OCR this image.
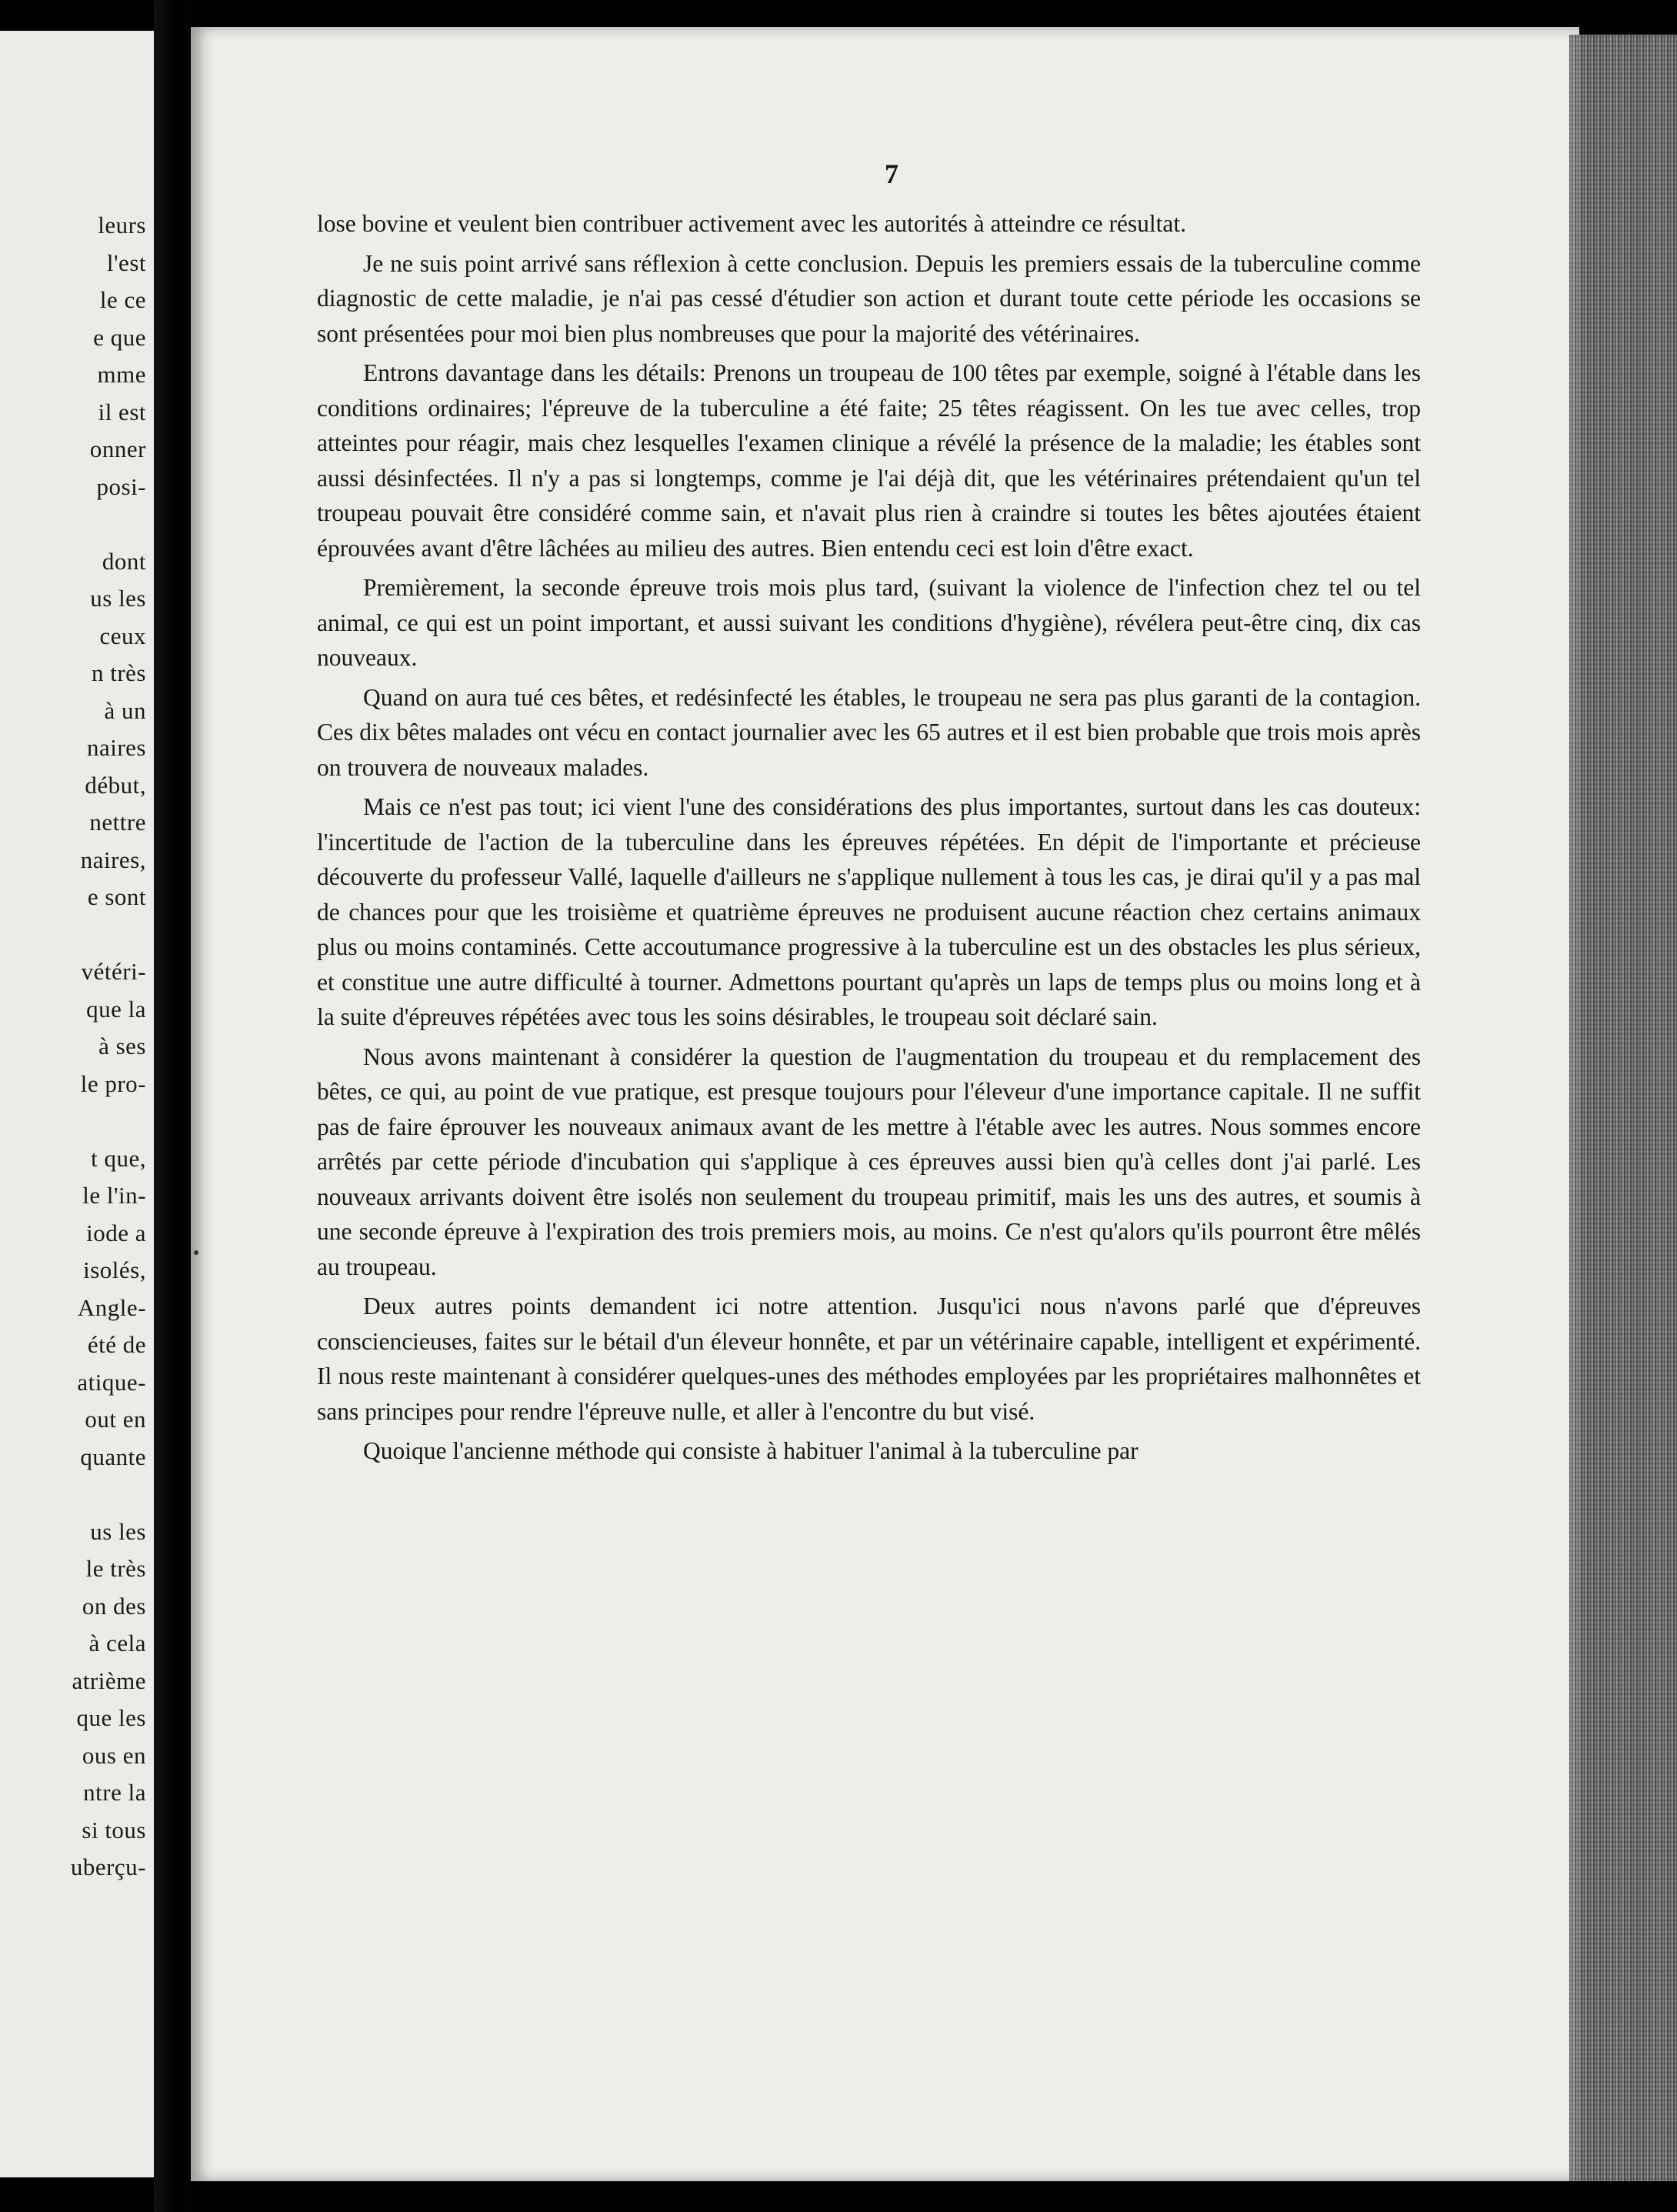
leurs
l'est
le ce
e que
mme
il est
onner
posi-
dont
us les
ceux
n très
à un
naires
début,
nettre
naires,
e sont
vétéri-
que la
à ses
le pro-
t que,
le l'in-
iode a
isolés,
Angle-
été de
atique-
out en
quante
us les
le très
on des
à cela
atrième
que les
ous en
ntre la
si tous
uberçu-
7

lose bovine et veulent bien contribuer activement avec les autorités à atteindre ce résultat.

Je ne suis point arrivé sans réflexion à cette conclusion. Depuis les premiers essais de la tuberculine comme diagnostic de cette maladie, je n'ai pas cessé d'étudier son action et durant toute cette période les occasions se sont présentées pour moi bien plus nombreuses que pour la majorité des vétérinaires.

Entrons davantage dans les détails: Prenons un troupeau de 100 têtes par exemple, soigné à l'étable dans les conditions ordinaires; l'épreuve de la tuberculine a été faite; 25 têtes réagissent. On les tue avec celles, trop atteintes pour réagir, mais chez lesquelles l'examen clinique a révélé la présence de la maladie; les étables sont aussi désinfectées. Il n'y a pas si longtemps, comme je l'ai déjà dit, que les vétérinaires prétendaient qu'un tel troupeau pouvait être considéré comme sain, et n'avait plus rien à craindre si toutes les bêtes ajoutées étaient éprouvées avant d'être lâchées au milieu des autres. Bien entendu ceci est loin d'être exact.

Premièrement, la seconde épreuve trois mois plus tard, (suivant la violence de l'infection chez tel ou tel animal, ce qui est un point important, et aussi suivant les conditions d'hygiène), révélera peut-être cinq, dix cas nouveaux.

Quand on aura tué ces bêtes, et redésinfecté les étables, le troupeau ne sera pas plus garanti de la contagion. Ces dix bêtes malades ont vécu en contact journalier avec les 65 autres et il est bien probable que trois mois après on trouvera de nouveaux malades.

Mais ce n'est pas tout; ici vient l'une des considérations des plus importantes, surtout dans les cas douteux: l'incertitude de l'action de la tuberculine dans les épreuves répétées. En dépit de l'importante et précieuse découverte du professeur Vallé, laquelle d'ailleurs ne s'applique nullement à tous les cas, je dirai qu'il y a pas mal de chances pour que les troisième et quatrième épreuves ne produisent aucune réaction chez certains animaux plus ou moins contaminés. Cette accoutumance progressive à la tuberculine est un des obstacles les plus sérieux, et constitue une autre difficulté à tourner. Admettons pourtant qu'après un laps de temps plus ou moins long et à la suite d'épreuves répétées avec tous les soins désirables, le troupeau soit déclaré sain.

Nous avons maintenant à considérer la question de l'augmentation du troupeau et du remplacement des bêtes, ce qui, au point de vue pratique, est presque toujours pour l'éleveur d'une importance capitale. Il ne suffit pas de faire éprouver les nouveaux animaux avant de les mettre à l'étable avec les autres. Nous sommes encore arrêtés par cette période d'incubation qui s'applique à ces épreuves aussi bien qu'à celles dont j'ai parlé. Les nouveaux arrivants doivent être isolés non seulement du troupeau primitif, mais les uns des autres, et soumis à une seconde épreuve à l'expiration des trois premiers mois, au moins. Ce n'est qu'alors qu'ils pourront être mêlés au troupeau.

Deux autres points demandent ici notre attention. Jusqu'ici nous n'avons parlé que d'épreuves consciencieuses, faites sur le bétail d'un éleveur honnête, et par un vétérinaire capable, intelligent et expérimenté. Il nous reste maintenant à considérer quelques-unes des méthodes employées par les propriétaires malhonnêtes et sans principes pour rendre l'épreuve nulle, et aller à l'encontre du but visé.

Quoique l'ancienne méthode qui consiste à habituer l'animal à la tuberculine par
